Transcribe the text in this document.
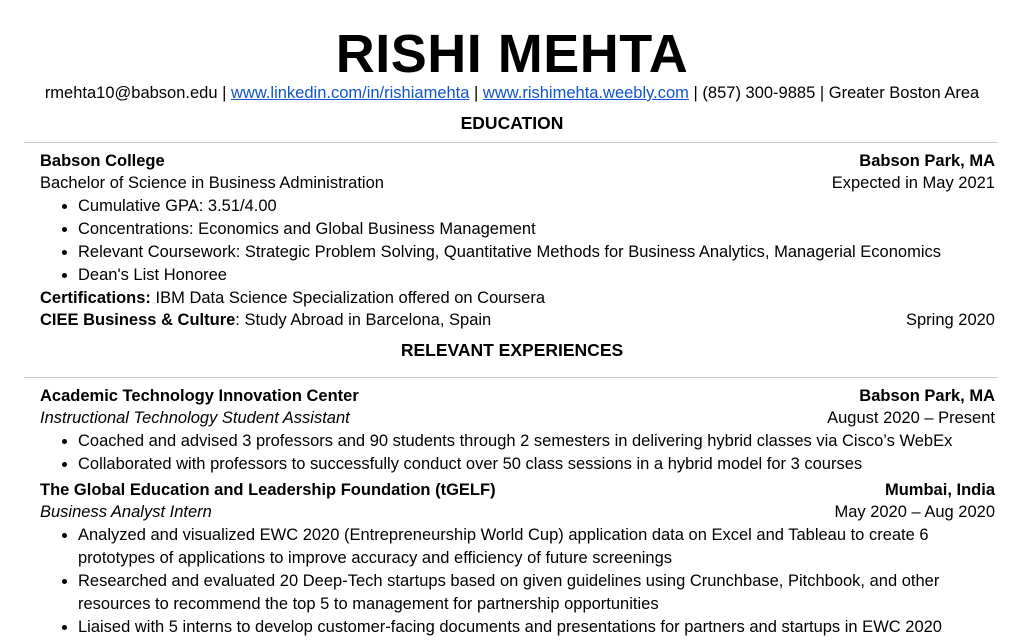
RISHI MEHTA
rmehta10@babson.edu | www.linkedin.com/in/rishiamehta | www.rishimehta.weebly.com | (857) 300-9885 | Greater Boston Area
EDUCATION
Babson College	Babson Park, MA
Bachelor of Science in Business Administration	Expected in May 2021
• Cumulative GPA: 3.51/4.00
• Concentrations: Economics and Global Business Management
• Relevant Coursework: Strategic Problem Solving, Quantitative Methods for Business Analytics, Managerial Economics
• Dean's List Honoree
Certifications: IBM Data Science Specialization offered on Coursera
CIEE Business & Culture: Study Abroad in Barcelona, Spain	Spring 2020
RELEVANT EXPERIENCES
Academic Technology Innovation Center	Babson Park, MA
Instructional Technology Student Assistant	August 2020 – Present
• Coached and advised 3 professors and 90 students through 2 semesters in delivering hybrid classes via Cisco’s WebEx
• Collaborated with professors to successfully conduct over 50 class sessions in a hybrid model for 3 courses
The Global Education and Leadership Foundation (tGELF)	Mumbai, India
Business Analyst Intern	May 2020 – Aug 2020
• Analyzed and visualized EWC 2020 (Entrepreneurship World Cup) application data on Excel and Tableau to create 6 prototypes of applications to improve accuracy and efficiency of future screenings
• Researched and evaluated 20 Deep-Tech startups based on given guidelines using Crunchbase, Pitchbook, and other resources to recommend the top 5 to management for partnership opportunities
• Liaised with 5 interns to develop customer-facing documents and presentations for partners and startups in EWC 2020
